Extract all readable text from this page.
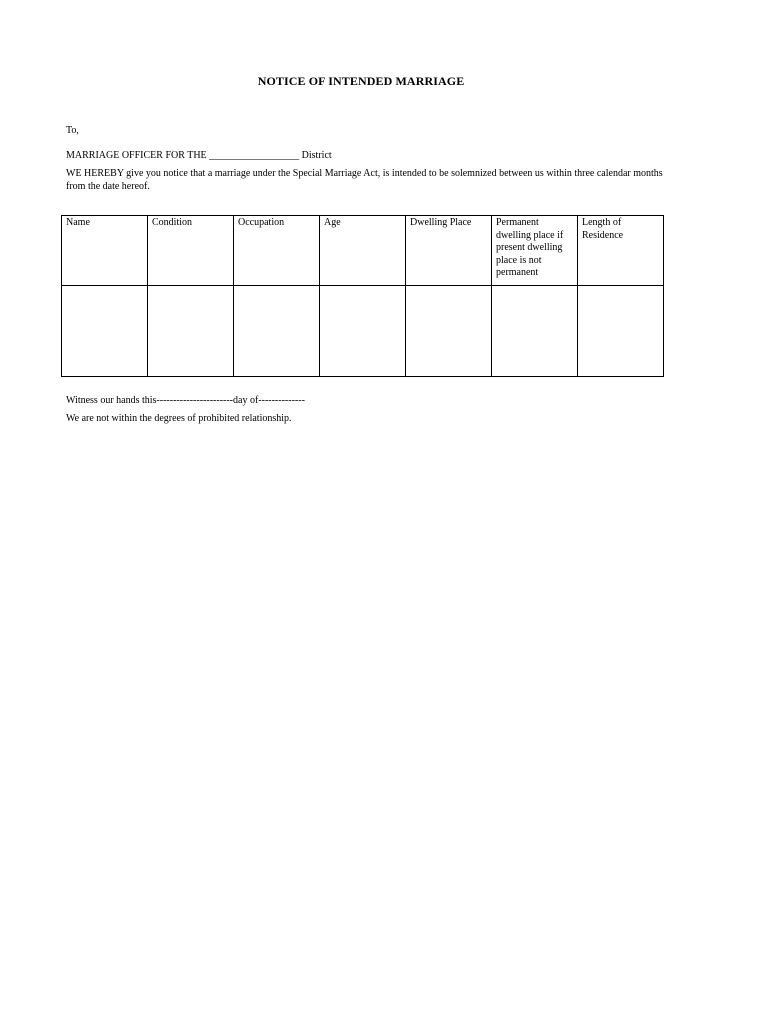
NOTICE OF INTENDED MARRIAGE
To,
MARRIAGE OFFICER FOR THE __________________ District
WE HEREBY give you notice that a marriage under the Special Marriage Act, is intended to be solemnized between us within three calendar months from the date hereof.
Name	Condition	Occupation	Age	Dwelling Place	Permanent dwelling place if present dwelling place is not permanent	Length of Residence

Witness our hands this-----------------------day of--------------
We are not within the degrees of prohibited relationship.
